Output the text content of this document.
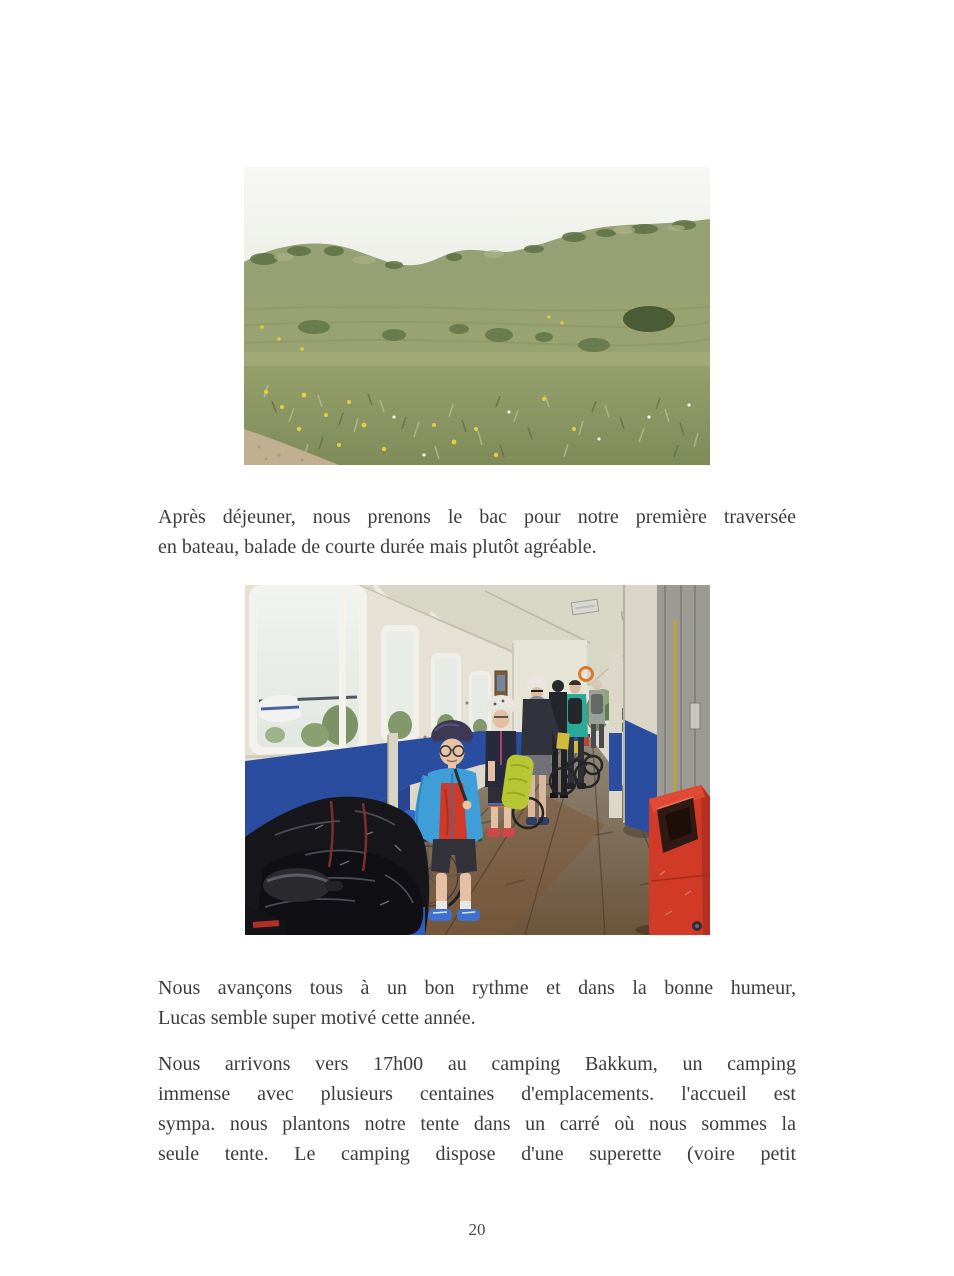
Après déjeuner, nous prenons le bac pour notre première traversée
en bateau, balade de courte durée mais plutôt agréable.
Nous avançons tous à un bon rythme et dans la bonne humeur,
Lucas semble super motivé cette année.
Nous arrivons vers 17h00 au camping Bakkum, un camping
immense avec plusieurs centaines d'emplacements. l'accueil est
sympa. nous plantons notre tente dans un carré où nous sommes la
seule tente. Le camping dispose d'une superette (voire petit
20
